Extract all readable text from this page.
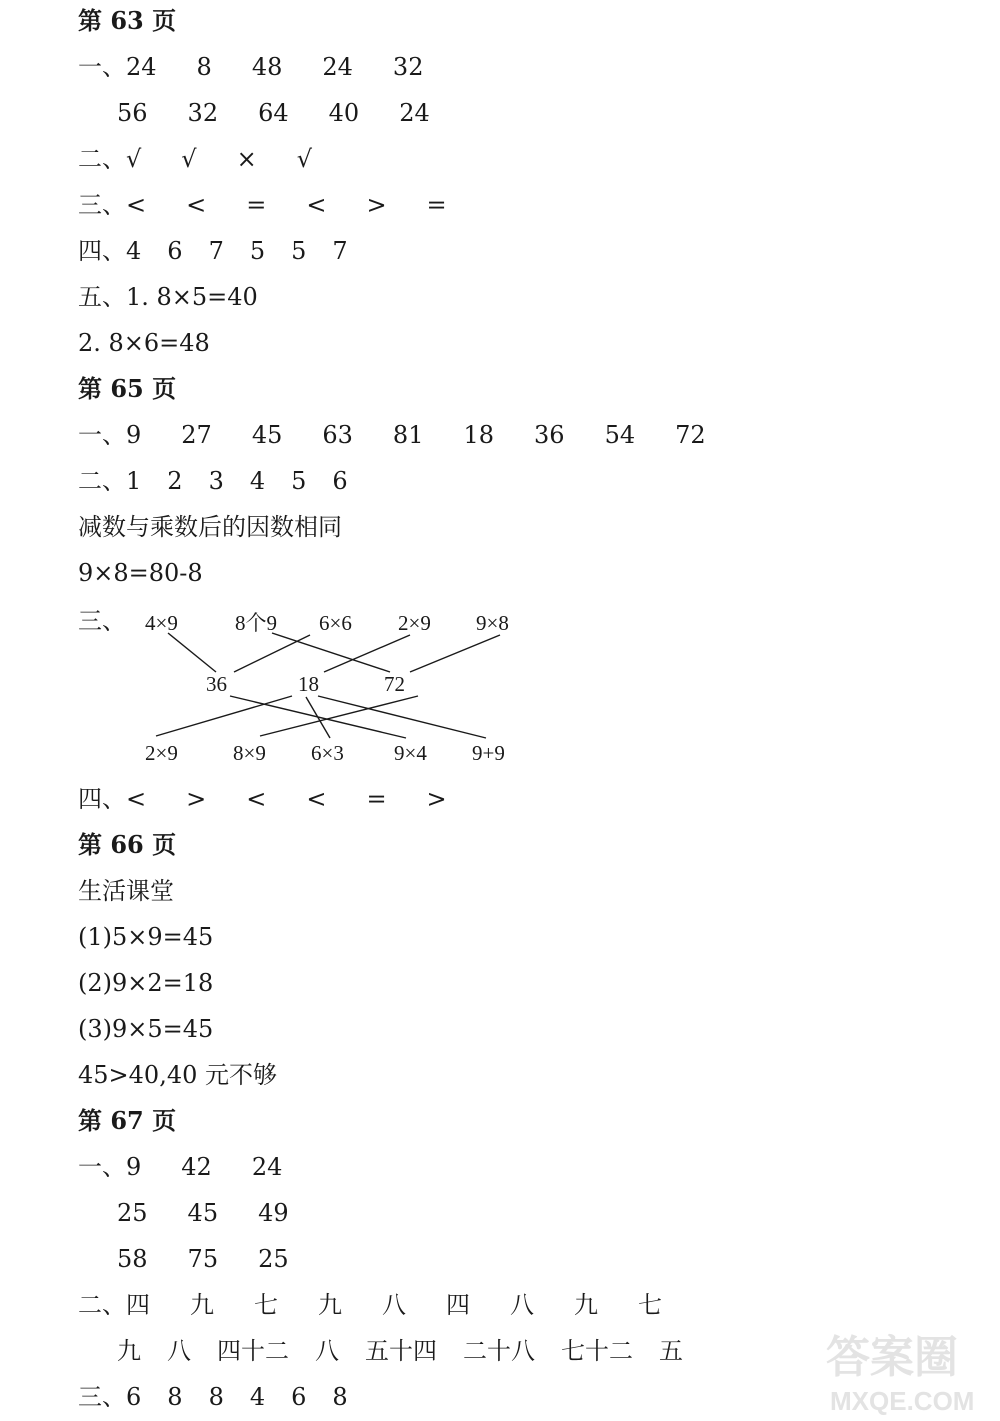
第 63 页
一、24 8 48 24 32
56 32 64 40 24
二、√ √ × √
三、< < = < > =
四、4 6 7 5 5 7
五、1. 8×5=40
2. 8×6=48
第 65 页
一、9 27 45 63 81 18 36 54 72
二、1 2 3 4 5 6
减数与乘数后的因数相同
9×8=80-8
三、 4×9	8个9 6×6 2×9 9×8
36	18	72
2×9	8×9 6×3 9×4 9+9
四、< > < < = >
第 66 页
生活课堂
(1)5×9=45
(2)9×2=18
(3)9×5=45
45>40,40 元不够
第 67 页
一、9 42 24
25 45 49
58 75 25
二、四 九 七 九 八 四 八 九 七
九 八 四十二 八 五十四 二十八 七十二 五
三、6 8 8 4 6 8
答案圈
MXQE.COM
